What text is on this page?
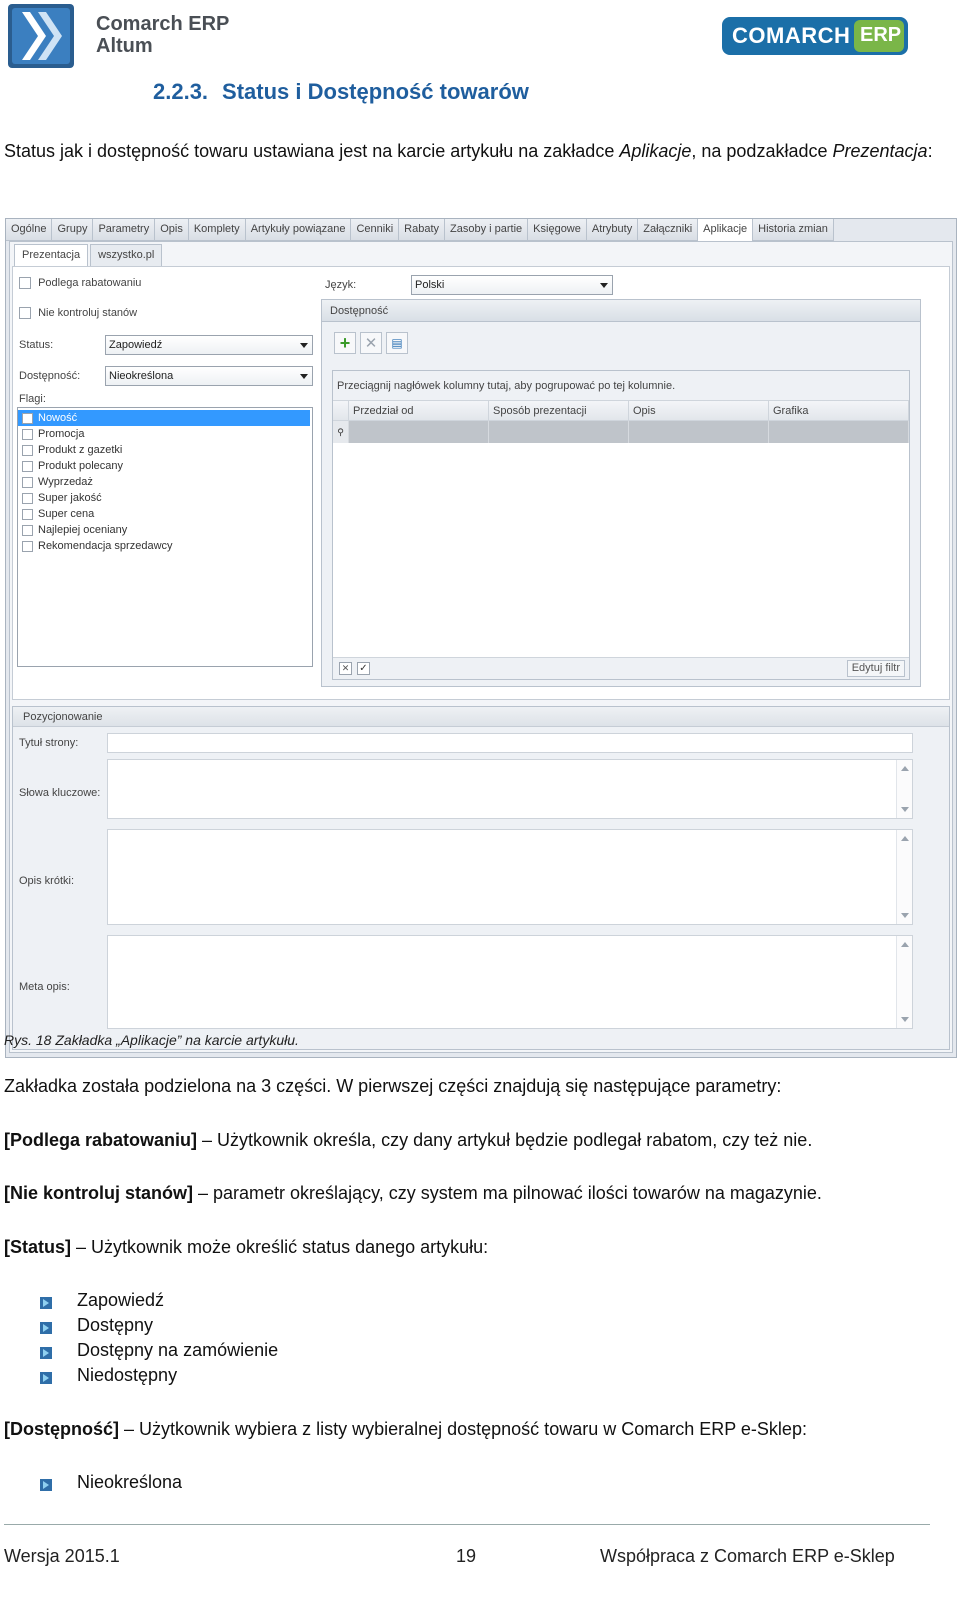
Comarch ERP
Altum	COMARCH ERP
2.2.3. Status i Dostępność towarów
Status jak i dostępność towaru ustawiana jest na karcie artykułu na zakładce Aplikacje, na podzakładce Prezentacja:
Ogólne	Grupy	Parametry	Opis	Komplety	Artykuły powiązane	Cenniki	Rabaty	Zasoby i partie	Księgowe	Atrybuty	Załączniki	Aplikacje	Historia zmian
Prezentacja	wszystko.pl
Podlega rabatowaniu
Nie kontroluj stanów
Status:	Zapowiedź
Dostępność:	Nieokreślona
Flagi:
Nowość
Promocja
Produkt z gazetki
Produkt polecany
Wyprzedaż
Super jakość
Super cena
Najlepiej oceniany
Rekomendacja sprzedawcy
Język:	Polski
Dostępność
+ ✕	▤
Przeciągnij nagłówek kolumny tutaj, aby pogrupować po tej kolumnie.
Przedział od	Sposób prezentacji	Opis	Grafika
⚲
✕ ✓	Edytuj filtr
Pozycjonowanie
Tytuł strony:
Słowa kluczowe:
Opis krótki:
Meta opis:
Rys. 18 Zakładka „Aplikacje” na karcie artykułu.

Zakładka została podzielona na 3 części. W pierwszej części znajdują się następujące parametry:

[Podlega rabatowaniu] – Użytkownik określa, czy dany artykuł będzie podlegał rabatom, czy też nie.

[Nie kontroluj stanów] – parametr określający, czy system ma pilnować ilości towarów na magazynie.

[Status] – Użytkownik może określić status danego artykułu:

[Dostępność] – Użytkownik wybiera z listy wybieralnej dostępność towaru w Comarch ERP e-Sklep:

Zapowiedź
Dostępny
Dostępny na zamówienie
Niedostępny
Nieokreślona
Wersja 2015.1	19	Współpraca z Comarch ERP e-Sklep
